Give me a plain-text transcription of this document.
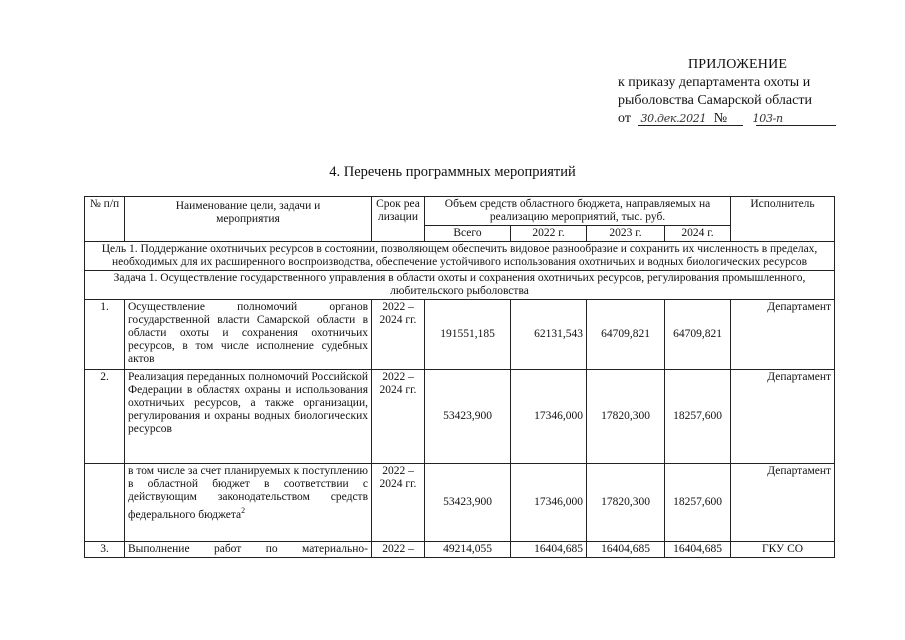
ПРИЛОЖЕНИЕ
к приказу департамента охоты и
рыболовства Самарской области
от 30.дек.2021 № 103-п
4. Перечень программных мероприятий
№ п/п	Наименование цели, задачи и мероприятия	Срок реализации	Объем средств областного бюджета, направляемых на реализацию мероприятий, тыс. руб.				Исполнитель
			Всего	2022 г.	2023 г.	2024 г.	
Цель 1. Поддержание охотничьих ресурсов в состоянии, позволяющем обеспечить видовое разнообразие и сохранить их численность в пределах, необходимых для их расширенного воспроизводства, обеспечение устойчивого использования охотничьих и водных биологических ресурсов							
Задача 1. Осуществление государственного управления в области охоты и сохранения охотничьих ресурсов, регулирования промышленного, любительского рыболовства							
1.	Осуществление полномочий органов государственной власти Самарской области в области охоты и сохранения охотничьих ресурсов, в том числе исполнение судебных актов	2022 – 2024 гг.	191551,185	62131,543	64709,821	64709,821	Департамент
2.	Реализация переданных полномочий Российской Федерации в областях охраны и использования охотничьих ресурсов, а также организации, регулирования и охраны водных биологических ресурсов	2022 – 2024 гг.	53423,900	17346,000	17820,300	18257,600	Департамент
	в том числе за счет планируемых к поступлению в областной бюджет в соответствии с действующим законодательством средств федерального бюджета$^2$	2022 – 2024 гг.	53423,900	17346,000	17820,300	18257,600	Департамент
3.	Выполнение работ по материально-	2022 –	49214,055	16404,685	16404,685	16404,685	ГКУ СО
